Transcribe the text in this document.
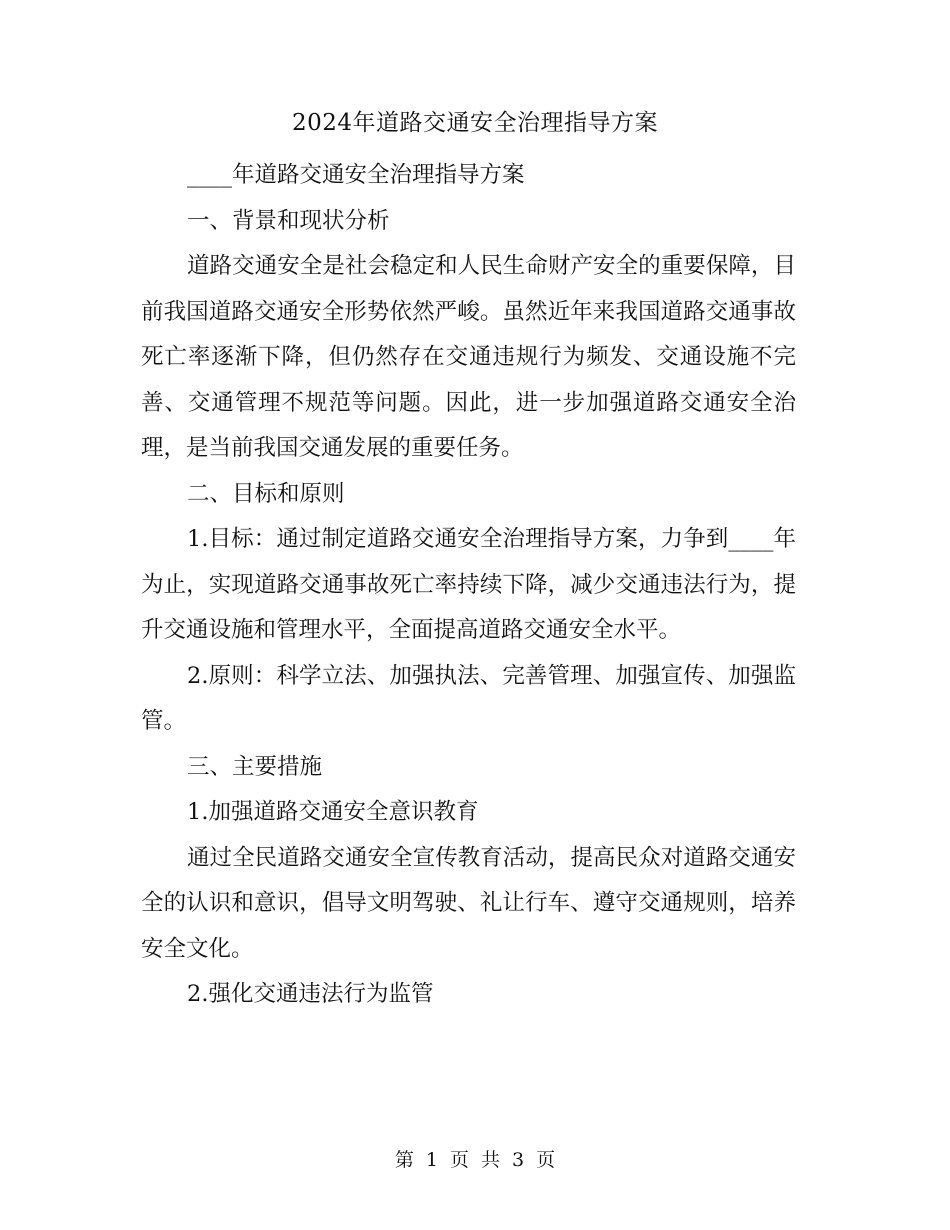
2024年道路交通安全治理指导方案

____年道路交通安全治理指导方案

一、背景和现状分析

道路交通安全是社会稳定和人民生命财产安全的重要保障，目前我国道路交通安全形势依然严峻。虽然近年来我国道路交通事故死亡率逐渐下降，但仍然存在交通违规行为频发、交通设施不完善、交通管理不规范等问题。因此，进一步加强道路交通安全治理，是当前我国交通发展的重要任务。

二、目标和原则

1.目标：通过制定道路交通安全治理指导方案，力争到____年为止，实现道路交通事故死亡率持续下降，减少交通违法行为，提升交通设施和管理水平，全面提高道路交通安全水平。

2.原则：科学立法、加强执法、完善管理、加强宣传、加强监管。

三、主要措施

1.加强道路交通安全意识教育

通过全民道路交通安全宣传教育活动，提高民众对道路交通安全的认识和意识，倡导文明驾驶、礼让行车、遵守交通规则，培养安全文化。

2.强化交通违法行为监管

第 1 页 共 3 页
